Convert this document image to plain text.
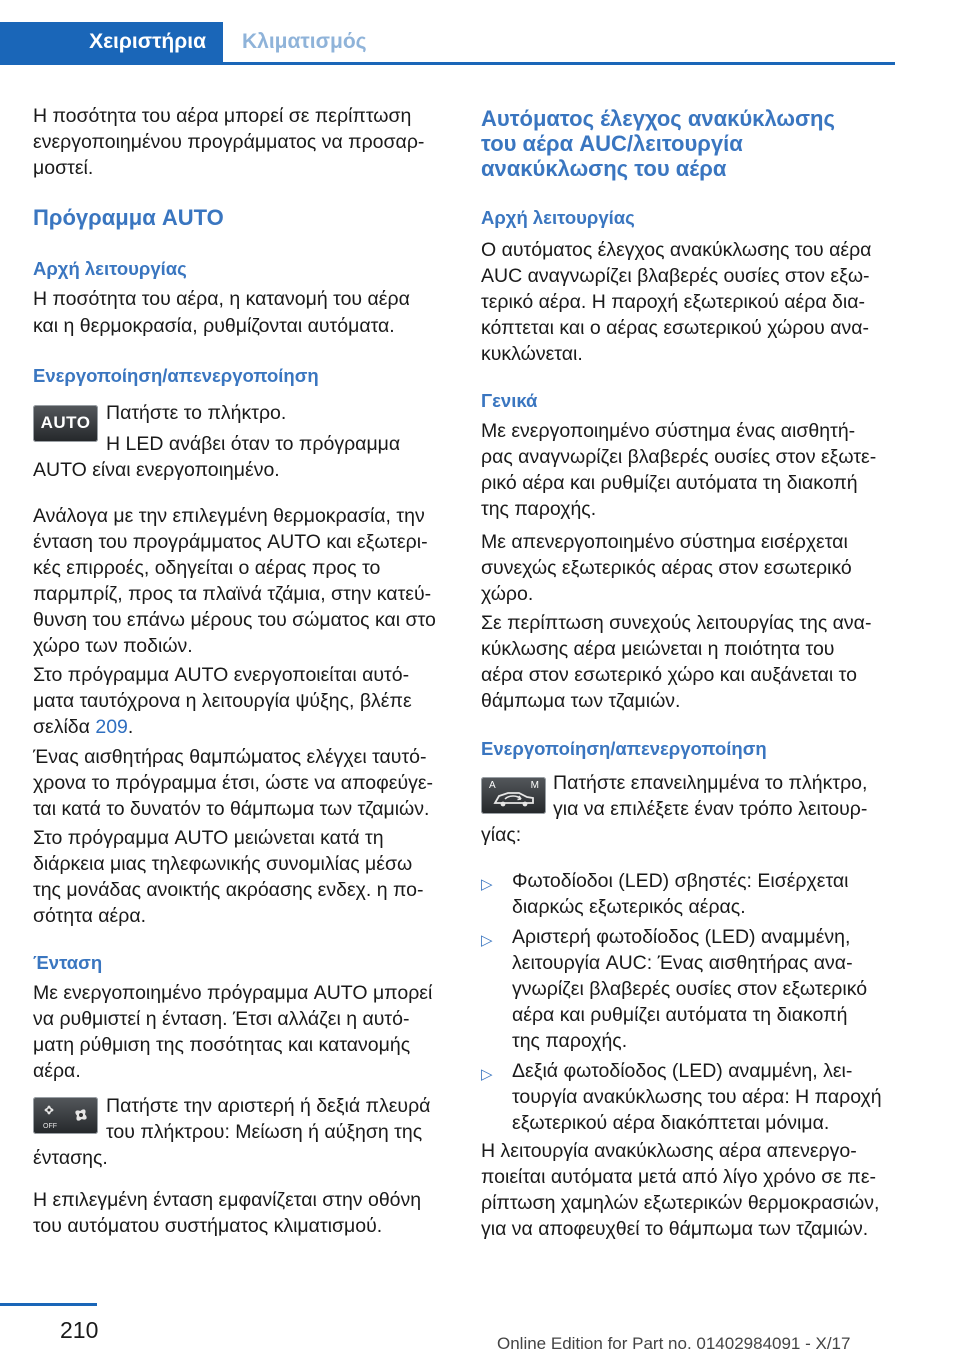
Χειριστήρια	Κλιματισμός

Η ποσότητα του αέρα μπορεί σε περίπτωση

ενεργοποιημένου προγράμματος να προσαρ‐

μοστεί.

Πρόγραμμα AUTO
Αρχή λειτουργίας

Η ποσότητα του αέρα, η κατανομή του αέρα

και η θερμοκρασία, ρυθμίζονται αυτόματα.

Ενεργοποίηση/απενεργοποίηση
AUTO Πατήστε το πλήκτρο.

Η LED ανάβει όταν το πρόγραμμα

AUTO είναι ενεργοποιημένο.

Ανάλογα με την επιλεγμένη θερμοκρασία, την

ένταση του προγράμματος AUTO και εξωτερι‐

κές επιρροές, οδηγείται ο αέρας προς το

παρμπρίζ, προς τα πλαϊνά τζάμια, στην κατεύ‐

θυνση του επάνω μέρους του σώματος και στο

χώρο των ποδιών.

Στο πρόγραμμα AUTO ενεργοποιείται αυτό‐

ματα ταυτόχρονα η λειτουργία ψύξης, βλέπε

σελίδα 209.

Ένας αισθητήρας θαμπώματος ελέγχει ταυτό‐

χρονα το πρόγραμμα έτσι, ώστε να αποφεύγε‐

ται κατά το δυνατόν το θάμπωμα των τζαμιών.

Στο πρόγραμμα AUTO μειώνεται κατά τη

διάρκεια μιας τηλεφωνικής συνομιλίας μέσω

της μονάδας ανοικτής ακρόασης ενδεχ. η πο‐

σότητα αέρα.

Ένταση

Με ενεργοποιημένο πρόγραμμα AUTO μπορεί

να ρυθμιστεί η ένταση. Έτσι αλλάζει η αυτό‐

ματη ρύθμιση της ποσότητας και κατανομής

αέρα.

OFF

Πατήστε την αριστερή ή δεξιά πλευρά

του πλήκτρου: Μείωση ή αύξηση της

έντασης.

Η επιλεγμένη ένταση εμφανίζεται στην οθόνη

του αυτόματου συστήματος κλιματισμού.

Αυτόματος έλεγχος ανακύκλωσης
του αέρα AUC/λειτουργία
ανακύκλωσης του αέρα
Αρχή λειτουργίας

Ο αυτόματος έλεγχος ανακύκλωσης του αέρα

AUC αναγνωρίζει βλαβερές ουσίες στον εξω‐

τερικό αέρα. Η παροχή εξωτερικού αέρα δια‐

κόπτεται και ο αέρας εσωτερικού χώρου ανα‐

κυκλώνεται.

Γενικά

Με ενεργοποιημένο σύστημα ένας αισθητή‐

ρας αναγνωρίζει βλαβερές ουσίες στον εξωτε‐

ρικό αέρα και ρυθμίζει αυτόματα τη διακοπή

της παροχής.

Με απενεργοποιημένο σύστημα εισέρχεται

συνεχώς εξωτερικός αέρας στον εσωτερικό

χώρο.

Σε περίπτωση συνεχούς λειτουργίας της ανα‐

κύκλωσης αέρα μειώνεται η ποιότητα του

αέρα στον εσωτερικό χώρο και αυξάνεται το

θάμπωμα των τζαμιών.

Ενεργοποίηση/απενεργοποίηση
A	M Πατήστε επανειλημμένα το πλήκτρο,

για να επιλέξετε έναν τρόπο λειτουρ‐

γίας:

▷ Φωτοδίοδοι (LED) σβηστές: Εισέρχεται

διαρκώς εξωτερικός αέρας.

▷ Αριστερή φωτοδίοδος (LED) αναμμένη,

λειτουργία AUC: Ένας αισθητήρας ανα‐

γνωρίζει βλαβερές ουσίες στον εξωτερικό

αέρα και ρυθμίζει αυτόματα τη διακοπή

της παροχής.

▷ Δεξιά φωτοδίοδος (LED) αναμμένη, λει‐

τουργία ανακύκλωσης του αέρα: Η παροχή

εξωτερικού αέρα διακόπτεται μόνιμα.

Η λειτουργία ανακύκλωσης αέρα απενεργο‐

ποιείται αυτόματα μετά από λίγο χρόνο σε πε‐

ρίπτωση χαμηλών εξωτερικών θερμοκρασιών,

για να αποφευχθεί το θάμπωμα των τζαμιών.

210
Online Edition for Part no. 01402984091 - X/17
